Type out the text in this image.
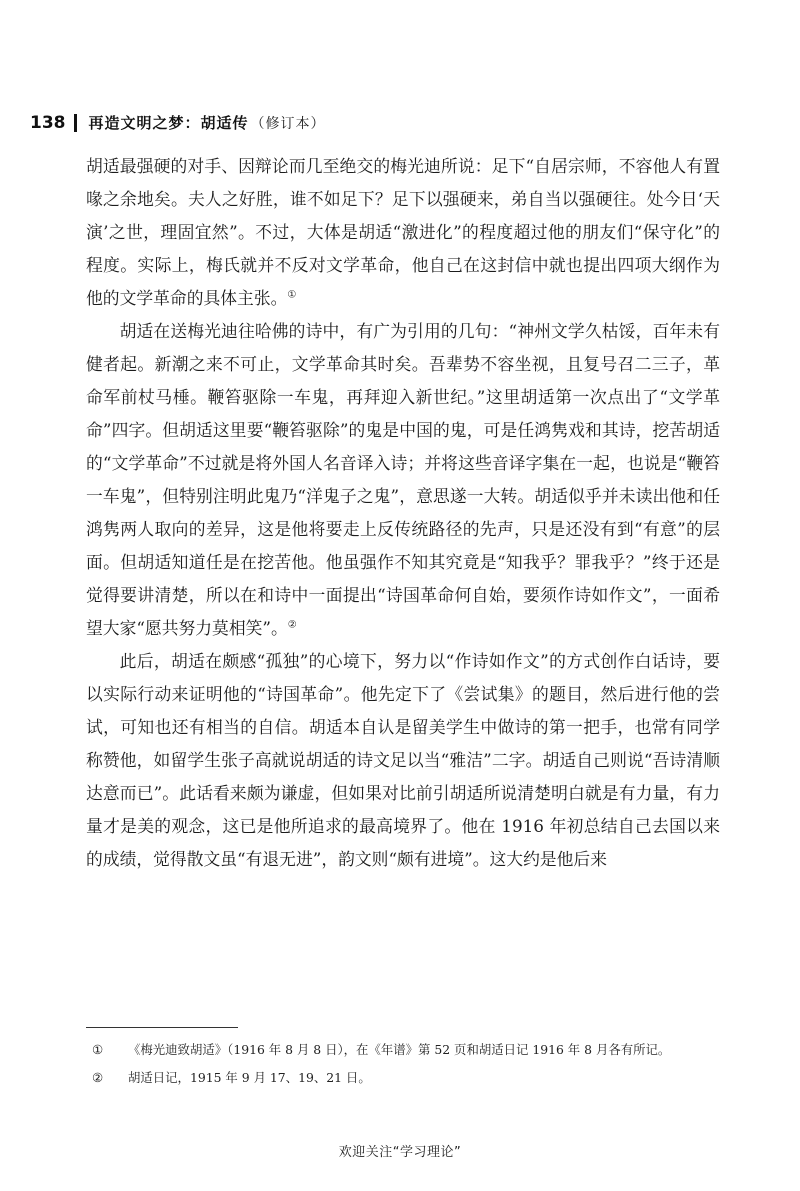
138 再造文明之梦：胡适传 （修订本）

胡适最强硬的对手、因辩论而几至绝交的梅光迪所说：足下“自居宗师，不容他人有置喙之余地矣。夫人之好胜，谁不如足下？足下以强硬来，弟自当以强硬往。处今日‘天演’之世，理固宜然”。不过，大体是胡适“激进化”的程度超过他的朋友们“保守化”的程度。实际上，梅氏就并不反对文学革命，他自己在这封信中就也提出四项大纲作为他的文学革命的具体主张。①

胡适在送梅光迪往哈佛的诗中，有广为引用的几句：“神州文学久枯馁，百年未有健者起。新潮之来不可止，文学革命其时矣。吾辈势不容坐视，且复号召二三子，革命军前杖马棰。鞭笞驱除一车鬼，再拜迎入新世纪。”这里胡适第一次点出了“文学革命”四字。但胡适这里要“鞭笞驱除”的鬼是中国的鬼，可是任鸿隽戏和其诗，挖苦胡适的“文学革命”不过就是将外国人名音译入诗；并将这些音译字集在一起，也说是“鞭笞一车鬼”，但特别注明此鬼乃“洋鬼子之鬼”，意思遂一大转。胡适似乎并未读出他和任鸿隽两人取向的差异，这是他将要走上反传统路径的先声，只是还没有到“有意”的层面。但胡适知道任是在挖苦他。他虽强作不知其究竟是“知我乎？罪我乎？”终于还是觉得要讲清楚，所以在和诗中一面提出“诗国革命何自始，要须作诗如作文”，一面希望大家“愿共努力莫相笑”。②

此后，胡适在颇感“孤独”的心境下，努力以“作诗如作文”的方式创作白话诗，要以实际行动来证明他的“诗国革命”。他先定下了《尝试集》的题目，然后进行他的尝试，可知也还有相当的自信。胡适本自认是留美学生中做诗的第一把手，也常有同学称赞他，如留学生张子高就说胡适的诗文足以当“雅洁”二字。胡适自己则说“吾诗清顺达意而已”。此话看来颇为谦虚，但如果对比前引胡适所说清楚明白就是有力量，有力量才是美的观念，这已是他所追求的最高境界了。他在 1916 年初总结自己去国以来的成绩，觉得散文虽“有退无进”，韵文则“颇有进境”。这大约是他后来

①	《梅光迪致胡适》（1916 年 8 月 8 日），在《年谱》第 52 页和胡适日记 1916 年 8 月各有所记。
②	胡适日记，1915 年 9 月 17、19、21 日。
欢迎关注“学习理论”
